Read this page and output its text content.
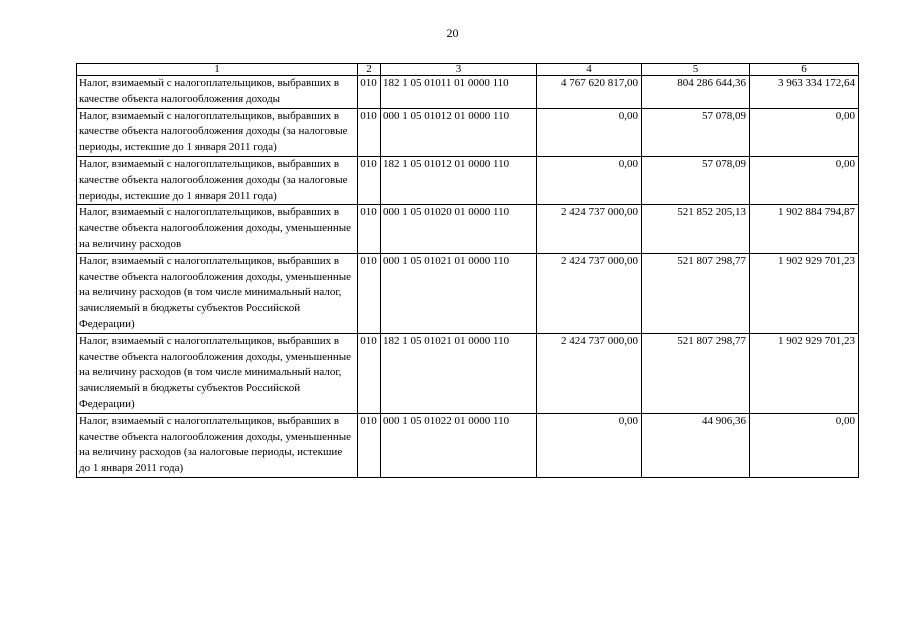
20
1	2	3	4	5	6
Налог, взимаемый с налогоплательщиков, выбравших в качестве объекта налогообложения доходы	010	182 1 05 01011 01 0000 110	4 767 620 817,00	804 286 644,36	3 963 334 172,64
Налог, взимаемый с налогоплательщиков, выбравших в качестве объекта налогообложения доходы (за налоговые периоды, истекшие до 1 января 2011 года)	010	000 1 05 01012 01 0000 110	0,00	57 078,09	0,00
Налог, взимаемый с налогоплательщиков, выбравших в качестве объекта налогообложения доходы (за налоговые периоды, истекшие до 1 января 2011 года)	010	182 1 05 01012 01 0000 110	0,00	57 078,09	0,00
Налог, взимаемый с налогоплательщиков, выбравших в качестве объекта налогообложения доходы, уменьшенные на величину расходов	010	000 1 05 01020 01 0000 110	2 424 737 000,00	521 852 205,13	1 902 884 794,87
Налог, взимаемый с налогоплательщиков, выбравших в качестве объекта налогообложения доходы, уменьшенные на величину расходов (в том числе минимальный налог, зачисляемый в бюджеты субъектов Российской Федерации)	010	000 1 05 01021 01 0000 110	2 424 737 000,00	521 807 298,77	1 902 929 701,23
Налог, взимаемый с налогоплательщиков, выбравших в качестве объекта налогообложения доходы, уменьшенные на величину расходов (в том числе минимальный налог, зачисляемый в бюджеты субъектов Российской Федерации)	010	182 1 05 01021 01 0000 110	2 424 737 000,00	521 807 298,77	1 902 929 701,23
Налог, взимаемый с налогоплательщиков, выбравших в качестве объекта налогообложения доходы, уменьшенные на величину расходов (за налоговые периоды, истекшие до 1 января 2011 года)	010	000 1 05 01022 01 0000 110	0,00	44 906,36	0,00
